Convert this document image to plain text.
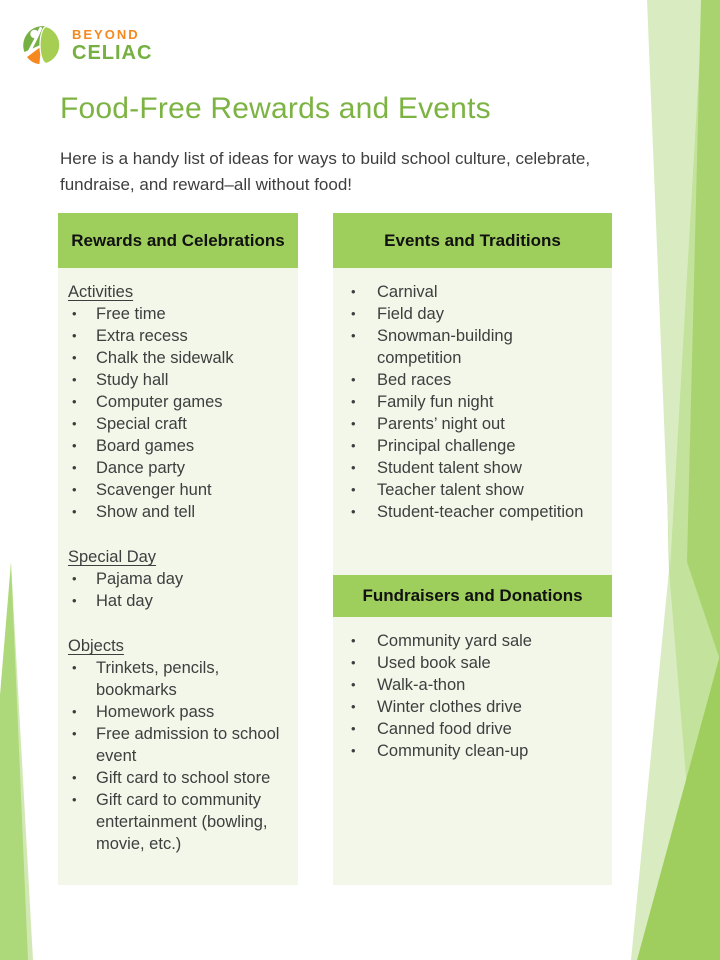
BEYOND
CELIAC
Food-Free Rewards and Events

Here is a handy list of ideas for ways to build school culture, celebrate, fundraise, and reward–all without food!

Rewards and Celebrations
Activities
•	Free time
•	Extra recess
•	Chalk the sidewalk
•	Study hall
•	Computer games
•	Special craft
•	Board games
•	Dance party
•	Scavenger hunt
•	Show and tell
Special Day
•	Pajama day
•	Hat day
Objects
•	Trinkets, pencils, bookmarks
•	Homework pass
•	Free admission to school event
•	Gift card to school store
•	Gift card to community entertainment (bowling, movie, etc.)
Events and Traditions
•	Carnival
•	Field day
•	Snowman-building competition
•	Bed races
•	Family fun night
•	Parents’ night out
•	Principal challenge
•	Student talent show
•	Teacher talent show
•	Student-teacher competition
Fundraisers and Donations
•	Community yard sale
•	Used book sale
•	Walk-a-thon
•	Winter clothes drive
•	Canned food drive
•	Community clean-up
